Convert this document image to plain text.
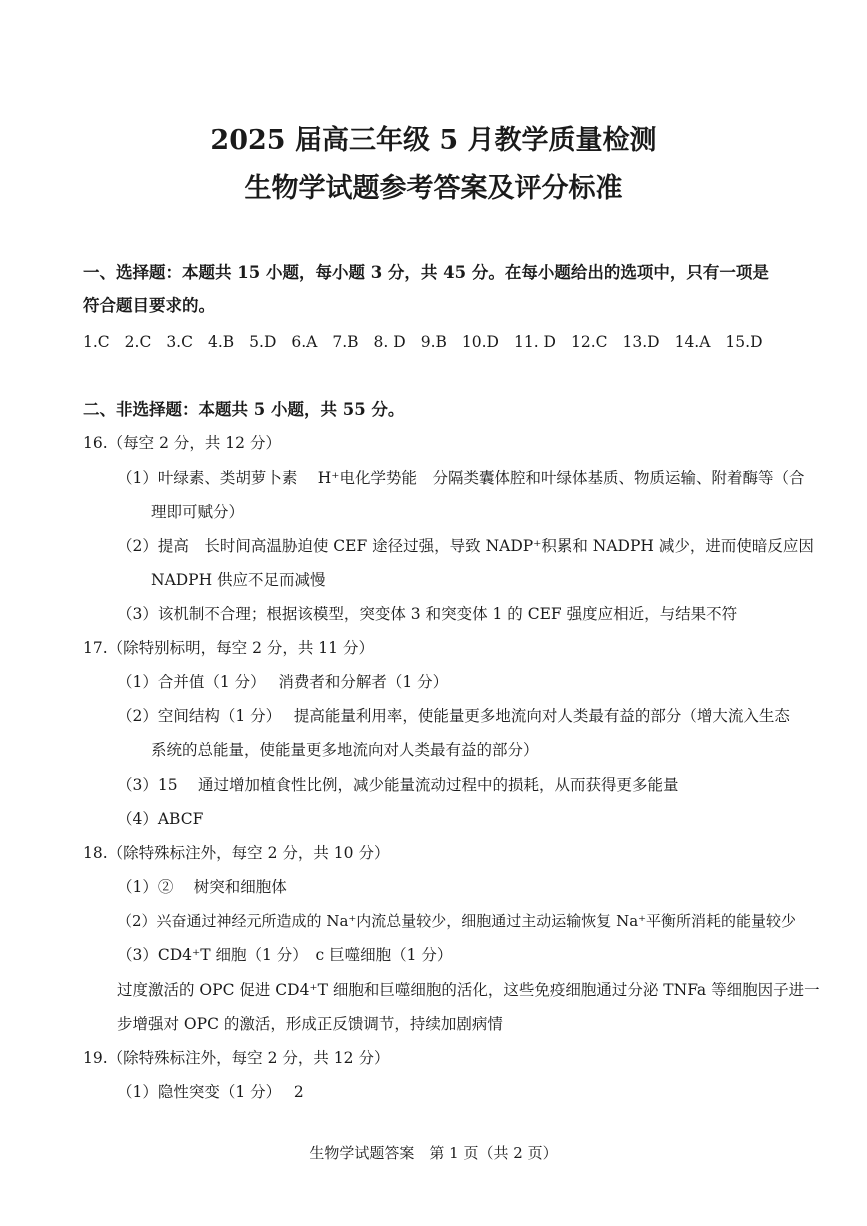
2025 届高三年级 5 月教学质量检测
生物学试题参考答案及评分标准
一、选择题：本题共 15 小题，每小题 3 分，共 45 分。在每小题给出的选项中，只有一项是
符合题目要求的。
1.C 2.C 3.C 4.B 5.D 6.A 7.B 8. D 9.B 10.D 11. D 12.C 13.D 14.A 15.D
二、非选择题：本题共 5 小题，共 55 分。
16.（每空 2 分，共 12 分）
（1）叶绿素、类胡萝卜素　 H⁺电化学势能　分隔类囊体腔和叶绿体基质、物质运输、附着酶等（合
理即可赋分）
（2）提高　长时间高温胁迫使 CEF 途径过强，导致 NADP⁺积累和 NADPH 减少，进而使暗反应因
NADPH 供应不足而减慢
（3）该机制不合理；根据该模型，突变体 3 和突变体 1 的 CEF 强度应相近，与结果不符
17.（除特别标明，每空 2 分，共 11 分）
（1）合并值（1 分）　 消费者和分解者（1 分）
（2）空间结构（1 分）　 提高能量利用率，使能量更多地流向对人类最有益的部分（增大流入生态
系统的总能量，使能量更多地流向对人类最有益的部分）
（3）15　 通过增加植食性比例，减少能量流动过程中的损耗，从而获得更多能量
（4）ABCF
18.（除特殊标注外，每空 2 分，共 10 分）
（1）②　 树突和细胞体
（2）兴奋通过神经元所造成的 Na⁺内流总量较少，细胞通过主动运输恢复 Na⁺平衡所消耗的能量较少
（3）CD4⁺T 细胞（1 分）　c 巨噬细胞（1 分）
过度激活的 OPC 促进 CD4⁺T 细胞和巨噬细胞的活化，这些免疫细胞通过分泌 TNFa 等细胞因子进一
步增强对 OPC 的激活，形成正反馈调节，持续加剧病情
19.（除特殊标注外，每空 2 分，共 12 分）
（1）隐性突变（1 分）　 2
生物学试题答案　第 1 页（共 2 页）
